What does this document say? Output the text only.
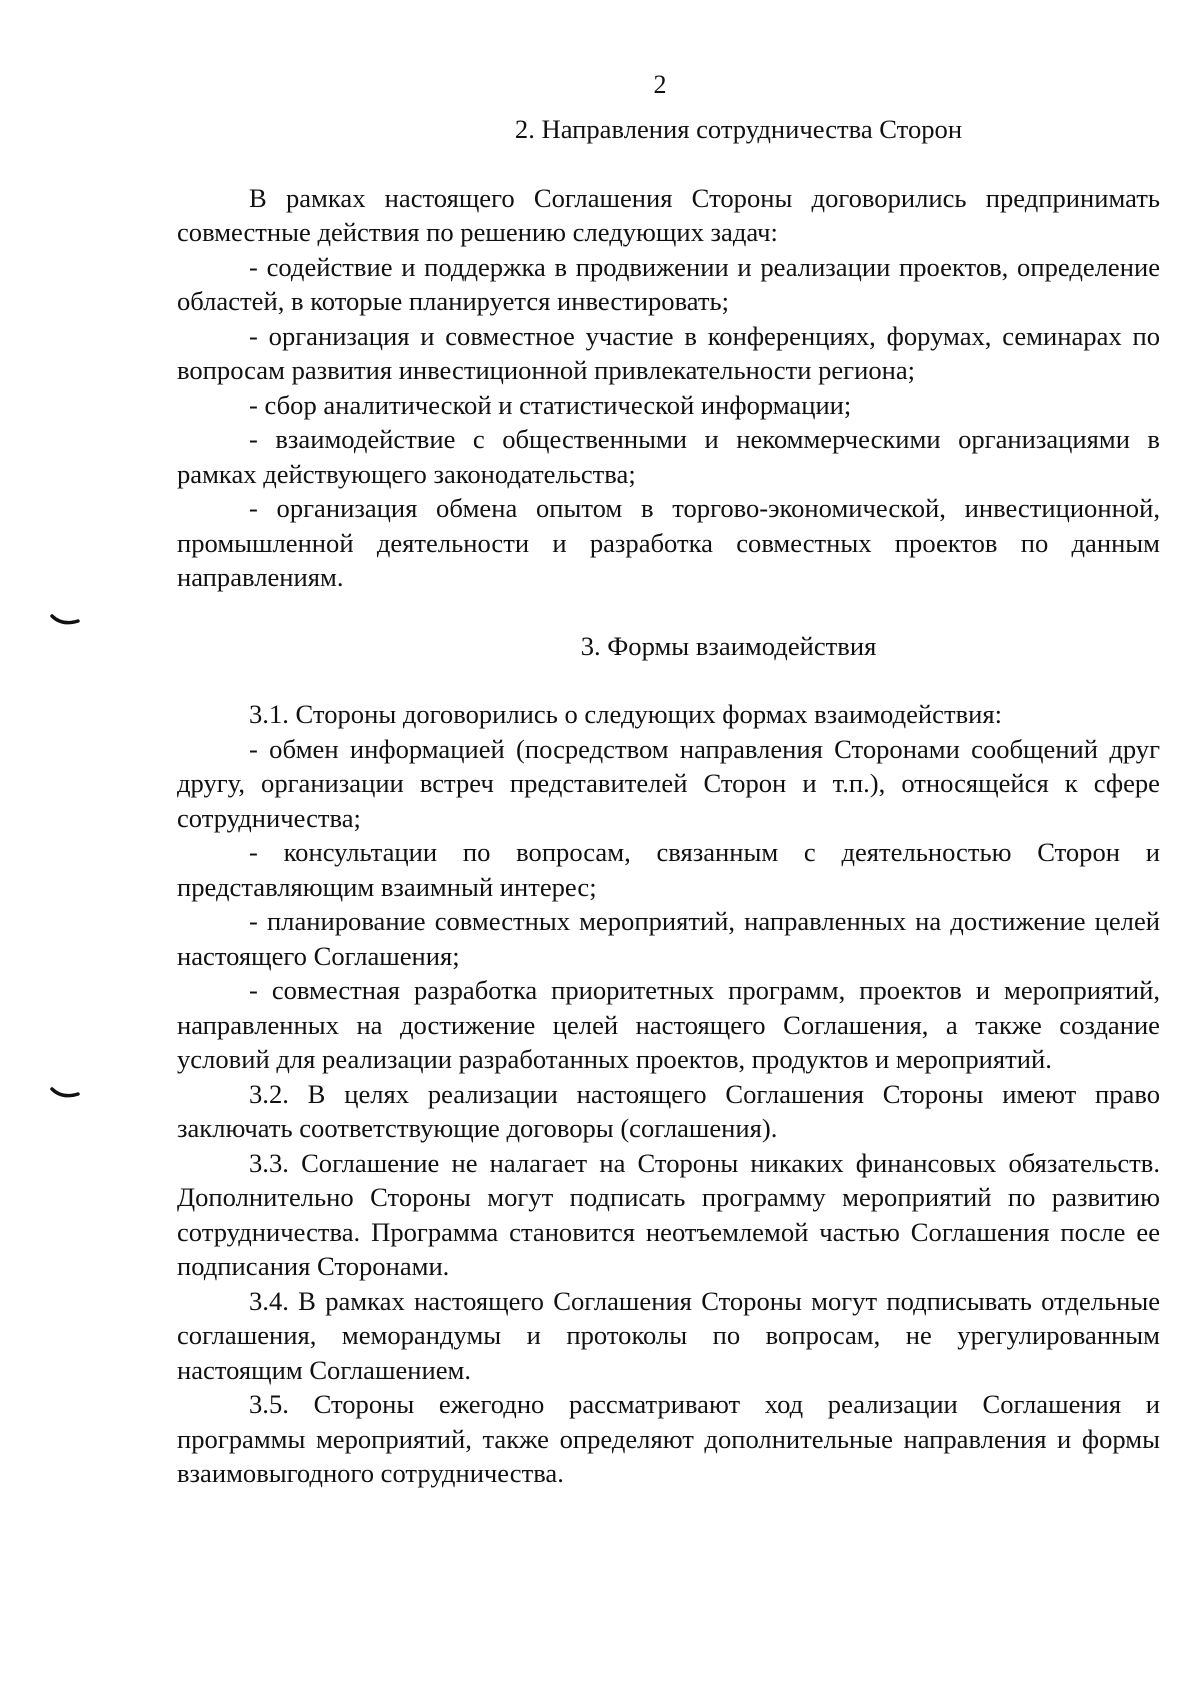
2
2. Направления сотрудничества Сторон

В рамках настоящего Соглашения Стороны договорились предпринимать совместные действия по решению следующих задач:

- содействие и поддержка в продвижении и реализации проектов, определение областей, в которые планируется инвестировать;

- организация и совместное участие в конференциях, форумах, семинарах по вопросам развития инвестиционной привлекательности региона;

- сбор аналитической и статистической информации;

- взаимодействие с общественными и некоммерческими организациями в рамках действующего законодательства;

- организация обмена опытом в торгово-экономической, инвестиционной, промышленной деятельности и разработка совместных проектов по данным направлениям.

3. Формы взаимодействия

3.1. Стороны договорились о следующих формах взаимодействия:

- обмен информацией (посредством направления Сторонами сообщений друг другу, организации встреч представителей Сторон и т.п.), относящейся к сфере сотрудничества;

- консультации по вопросам, связанным с деятельностью Сторон и представляющим взаимный интерес;

- планирование совместных мероприятий, направленных на достижение целей настоящего Соглашения;

- совместная разработка приоритетных программ, проектов и мероприятий, направленных на достижение целей настоящего Соглашения, а также создание условий для реализации разработанных проектов, продуктов и мероприятий.

3.2. В целях реализации настоящего Соглашения Стороны имеют право заключать соответствующие договоры (соглашения).

3.3. Соглашение не налагает на Стороны никаких финансовых обязательств. Дополнительно Стороны могут подписать программу мероприятий по развитию сотрудничества. Программа становится неотъемлемой частью Соглашения после ее подписания Сторонами.

3.4. В рамках настоящего Соглашения Стороны могут подписывать отдельные соглашения, меморандумы и протоколы по вопросам, не урегулированным настоящим Соглашением.

3.5. Стороны ежегодно рассматривают ход реализации Соглашения и программы мероприятий, также определяют дополнительные направления и формы взаимовыгодного сотрудничества.
